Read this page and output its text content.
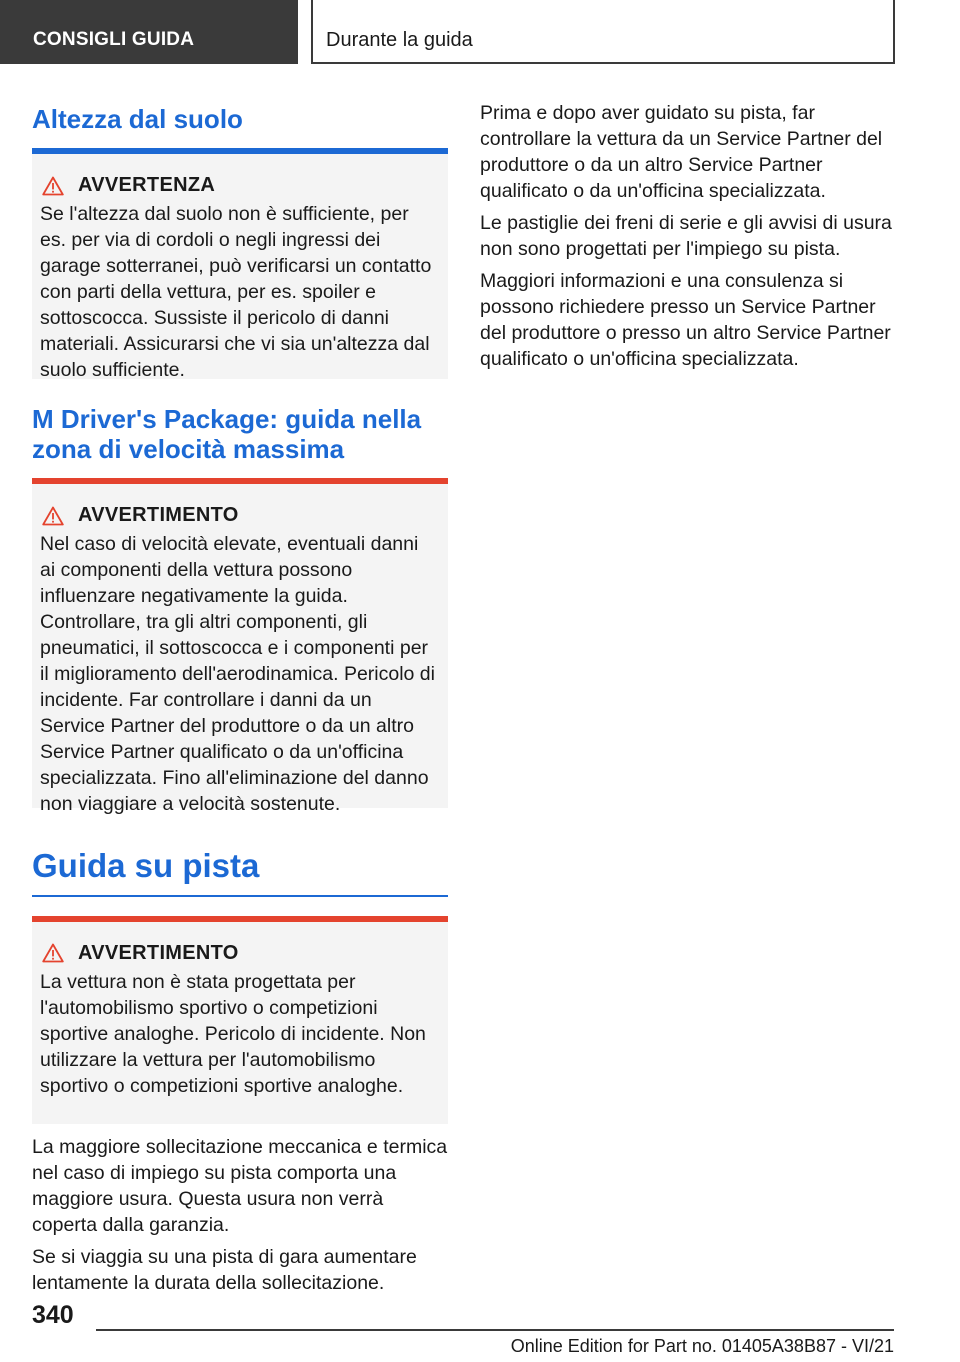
CONSIGLI GUIDA	Durante la guida
Altezza dal suolo
AVVERTENZA

Se l'altezza dal suolo non è sufficiente, per es. per via di cordoli o negli ingressi dei garage sotterranei, può verificarsi un contatto con parti della vettura, per es. spoiler e sottoscocca. Sussiste il pericolo di danni materiali. Assicurarsi che vi sia un'altezza dal suolo sufficiente.

M Driver's Package: guida nella zona di velocità massima
AVVERTIMENTO

Nel caso di velocità elevate, eventuali danni ai componenti della vettura possono influenzare negativamente la guida. Controllare, tra gli altri componenti, gli pneumatici, il sottoscocca e i componenti per il miglioramento dell'aerodinamica. Pericolo di incidente. Far controllare i danni da un Service Partner del produttore o da un altro Service Partner qualificato o da un'officina specializzata. Fino all'eliminazione del danno non viaggiare a velocità sostenute.

Guida su pista
AVVERTIMENTO

La vettura non è stata progettata per l'automobilismo sportivo o competizioni sportive analoghe. Pericolo di incidente. Non utilizzare la vettura per l'automobilismo sportivo o competizioni sportive analoghe.

La maggiore sollecitazione meccanica e termica nel caso di impiego su pista comporta una maggiore usura. Questa usura non verrà coperta dalla garanzia.

Se si viaggia su una pista di gara aumentare lentamente la durata della sollecitazione.

Prima e dopo aver guidato su pista, far controllare la vettura da un Service Partner del produttore o da un altro Service Partner qualificato o da un'officina specializzata.

Le pastiglie dei freni di serie e gli avvisi di usura non sono progettati per l'impiego su pista.

Maggiori informazioni e una consulenza si possono richiedere presso un Service Partner del produttore o presso un altro Service Partner qualificato o un'officina specializzata.

340
Online Edition for Part no. 01405A38B87 - VI/21
